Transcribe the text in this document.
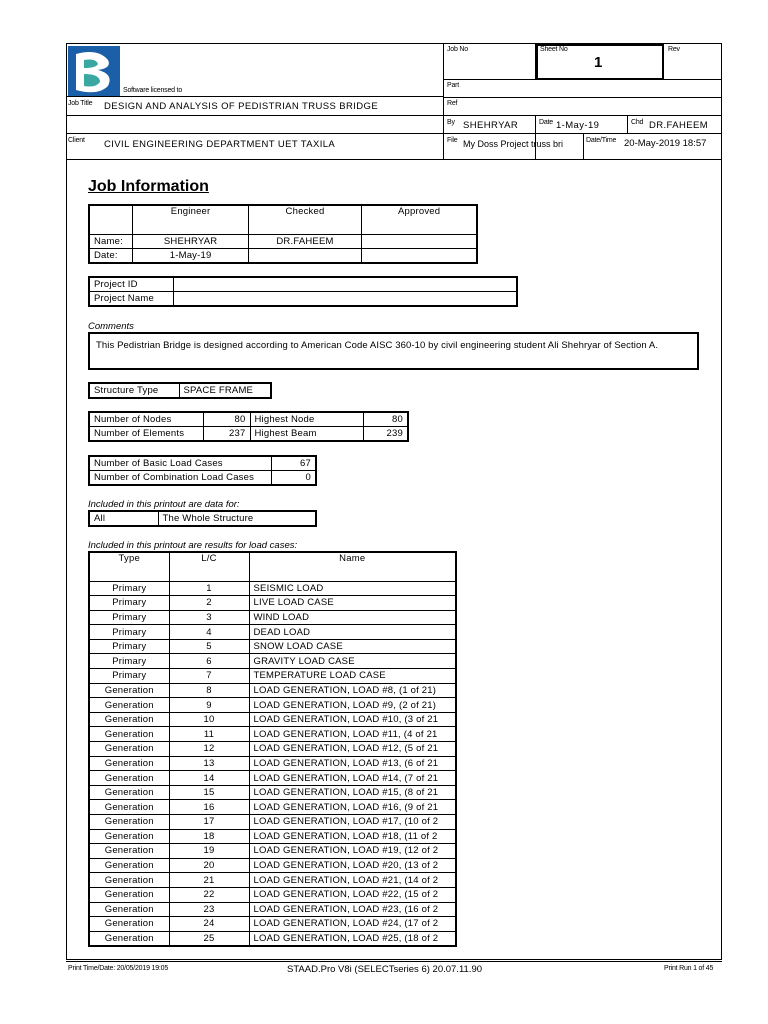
Software licensed to
Job Title DESIGN AND ANALYSIS OF PEDISTRIAN TRUSS BRIDGE
Client CIVIL ENGINEERING DEPARTMENT UET TAXILA
Job No	Sheet No
1
Rev
Part
Ref
By SHEHRYAR	Date 1-May-19	Chd DR.FAHEEM
File My Doss Project truss bri	Date/Time 20-May-2019 18:57
Job Information
	Engineer	Checked	Approved
Name:	SHEHRYAR	DR.FAHEEM	
Date:	1-May-19		
Project ID	
Project Name	
Comments
This Pedistrian Bridge is designed according to American Code AISC 360-10 by civil engineering student Ali Shehryar of Section A.
Structure Type	SPACE FRAME
Number of Nodes	80	Highest Node	80
Number of Elements	237	Highest Beam	239
Number of Basic Load Cases	67
Number of Combination Load Cases	0
Included in this printout are data for:
All	The Whole Structure
Included in this printout are results for load cases:
Type	L/C	Name
Primary	1	SEISMIC LOAD
Primary	2	LIVE LOAD CASE
Primary	3	WIND LOAD
Primary	4	DEAD LOAD
Primary	5	SNOW LOAD CASE
Primary	6	GRAVITY LOAD CASE
Primary	7	TEMPERATURE LOAD CASE
Generation	8	LOAD GENERATION, LOAD #8, (1 of 21)
Generation	9	LOAD GENERATION, LOAD #9, (2 of 21)
Generation	10	LOAD GENERATION, LOAD #10, (3 of 21
Generation	11	LOAD GENERATION, LOAD #11, (4 of 21
Generation	12	LOAD GENERATION, LOAD #12, (5 of 21
Generation	13	LOAD GENERATION, LOAD #13, (6 of 21
Generation	14	LOAD GENERATION, LOAD #14, (7 of 21
Generation	15	LOAD GENERATION, LOAD #15, (8 of 21
Generation	16	LOAD GENERATION, LOAD #16, (9 of 21
Generation	17	LOAD GENERATION, LOAD #17, (10 of 2
Generation	18	LOAD GENERATION, LOAD #18, (11 of 2
Generation	19	LOAD GENERATION, LOAD #19, (12 of 2
Generation	20	LOAD GENERATION, LOAD #20, (13 of 2
Generation	21	LOAD GENERATION, LOAD #21, (14 of 2
Generation	22	LOAD GENERATION, LOAD #22, (15 of 2
Generation	23	LOAD GENERATION, LOAD #23, (16 of 2
Generation	24	LOAD GENERATION, LOAD #24, (17 of 2
Generation	25	LOAD GENERATION, LOAD #25, (18 of 2
Print Time/Date: 20/05/2019 19:05	STAAD.Pro V8i (SELECTseries 6) 20.07.11.90	Print Run 1 of 45
